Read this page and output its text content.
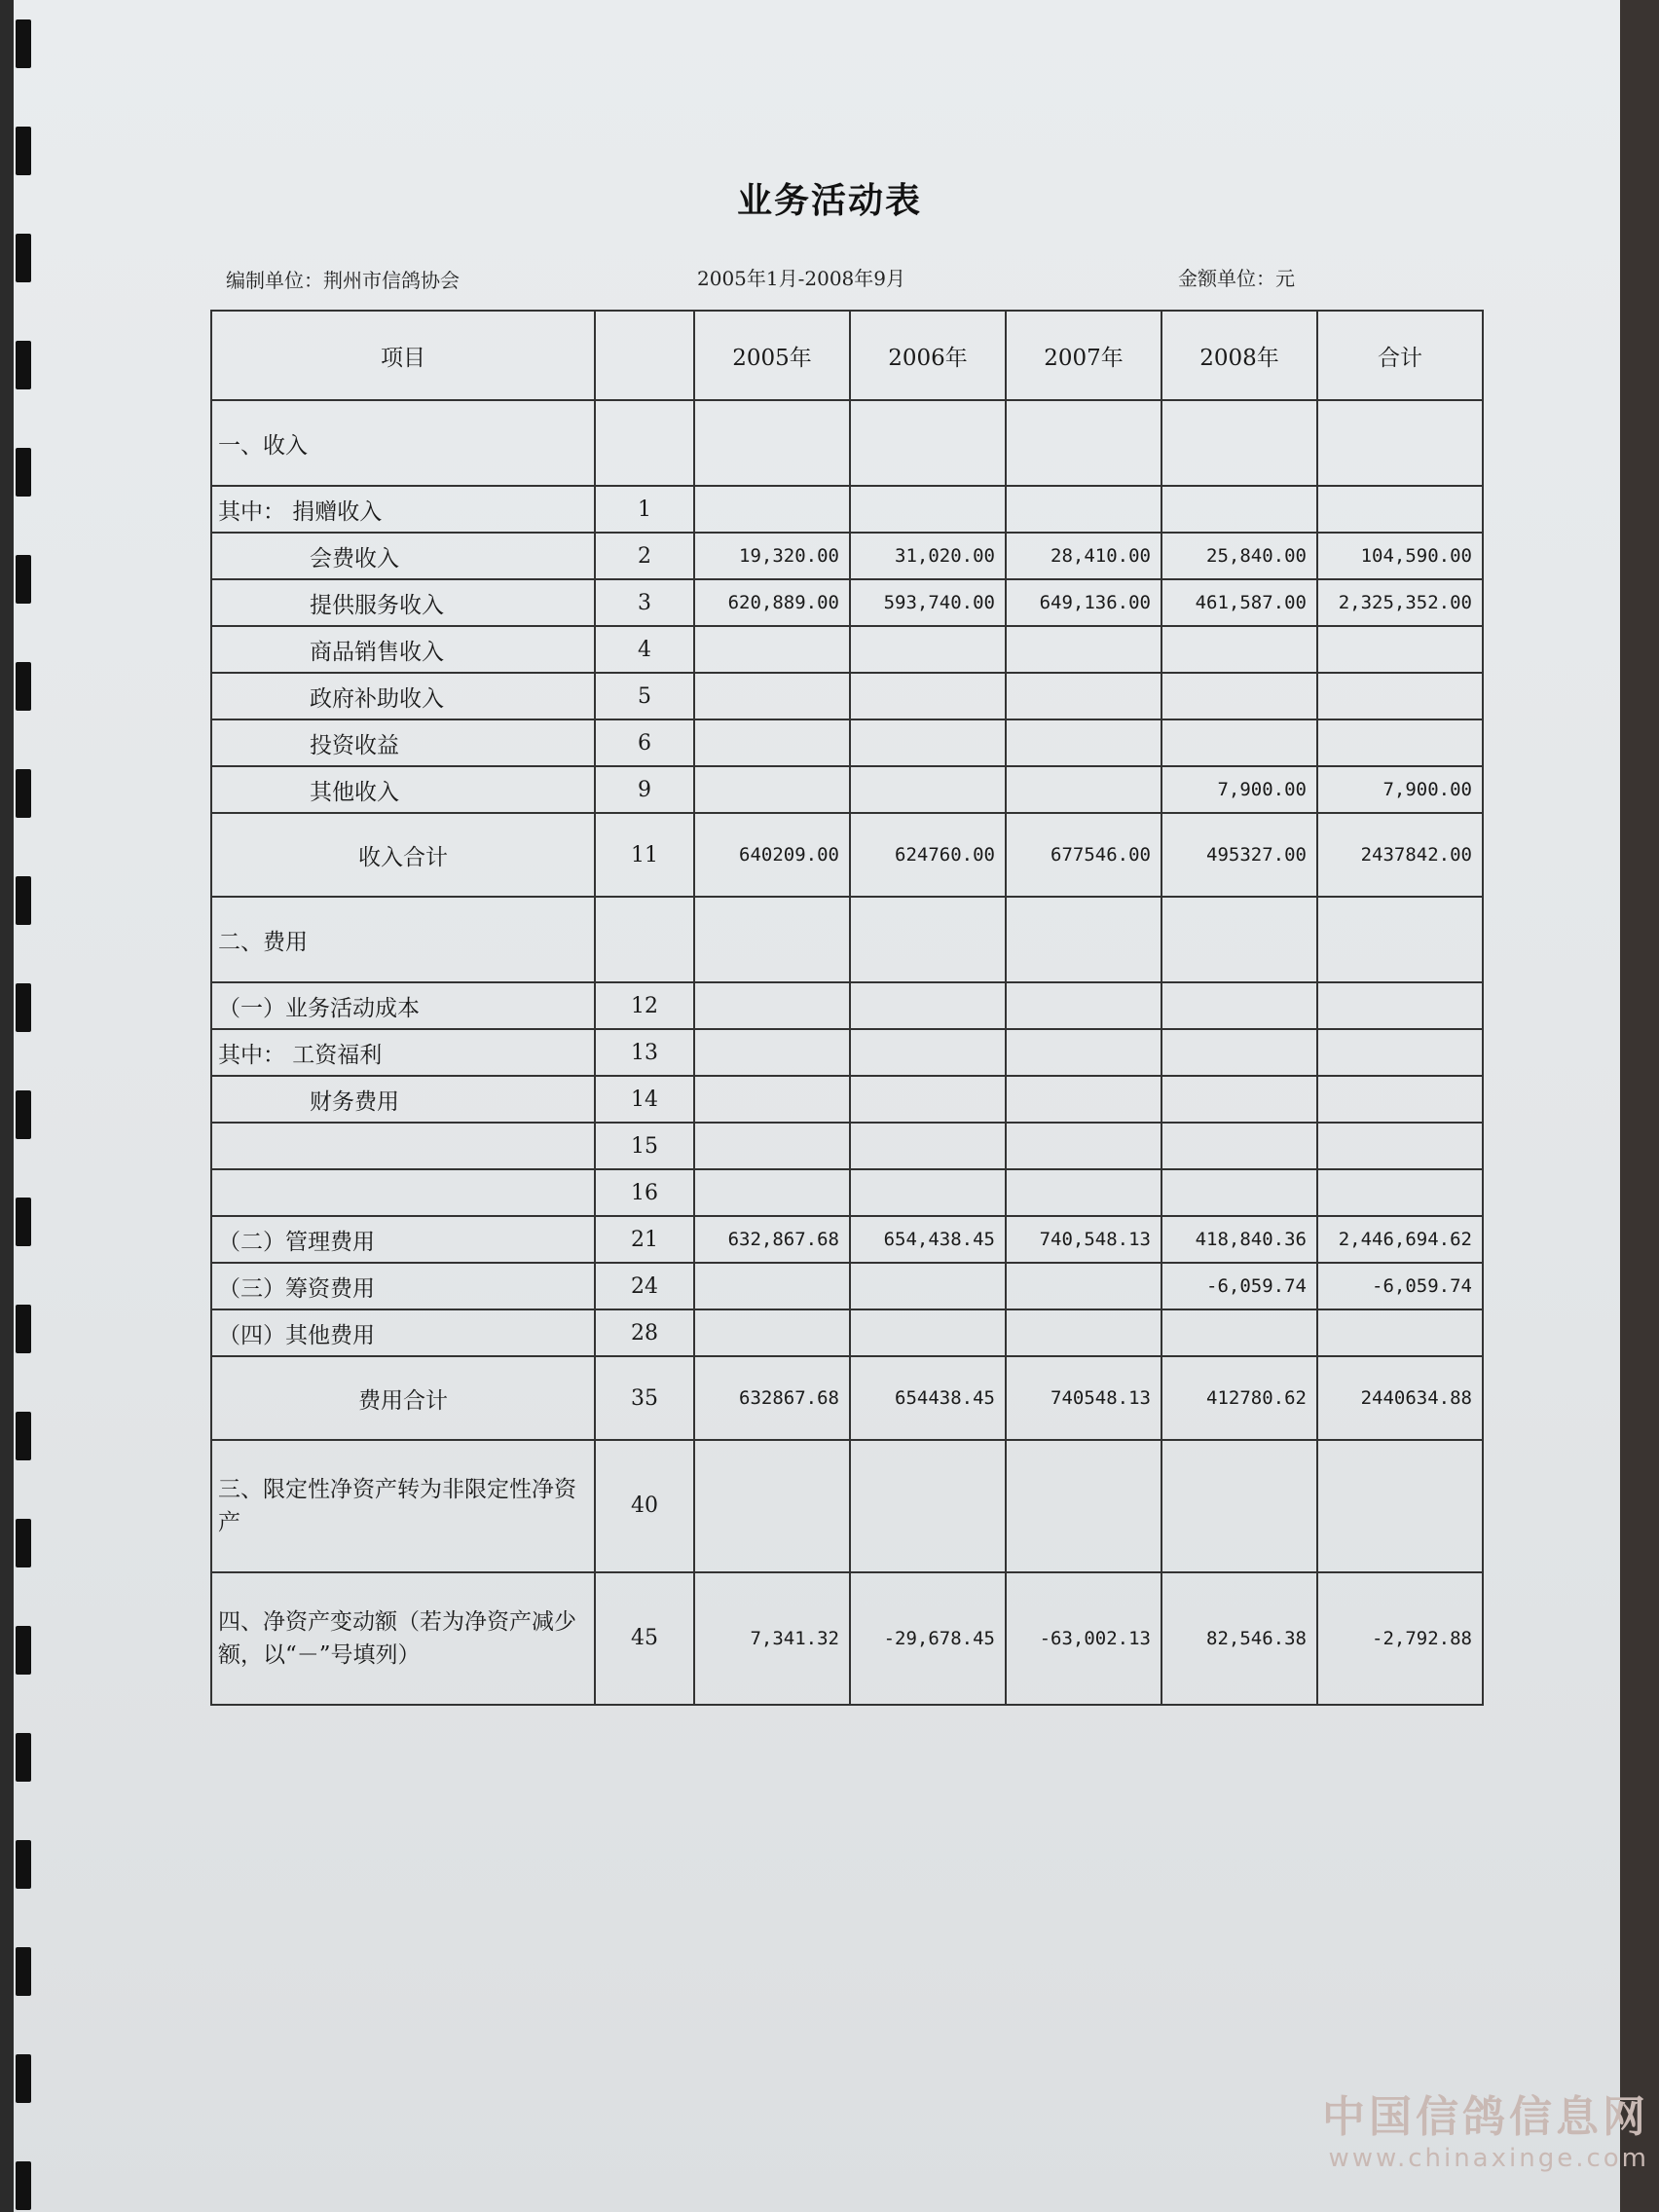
业务活动表
编制单位：荆州市信鸽协会	2005年1月-2008年9月	金额单位：元
项目		2005年	2006年	2007年	2008年	合计
一、收入						
其中： 捐赠收入	1					
会费收入	2	19,320.00	31,020.00	28,410.00	25,840.00	104,590.00
提供服务收入	3	620,889.00	593,740.00	649,136.00	461,587.00	2,325,352.00
商品销售收入	4					
政府补助收入	5					
投资收益	6					
其他收入	9				7,900.00	7,900.00
收入合计	11	640209.00	624760.00	677546.00	495327.00	2437842.00
二、费用						
（一）业务活动成本	12					
其中： 工资福利	13					
财务费用	14					
	15					
	16					
（二）管理费用	21	632,867.68	654,438.45	740,548.13	418,840.36	2,446,694.62
（三）筹资费用	24				-6,059.74	-6,059.74
（四）其他费用	28					
费用合计	35	632867.68	654438.45	740548.13	412780.62	2440634.88
三、限定性净资产转为非限定性净资产	40					
四、净资产变动额（若为净资产减少额，以“－”号填列）	45	7,341.32	-29,678.45	-63,002.13	82,546.38	-2,792.88
中国信鸽信息网
www.chinaxinge.com
